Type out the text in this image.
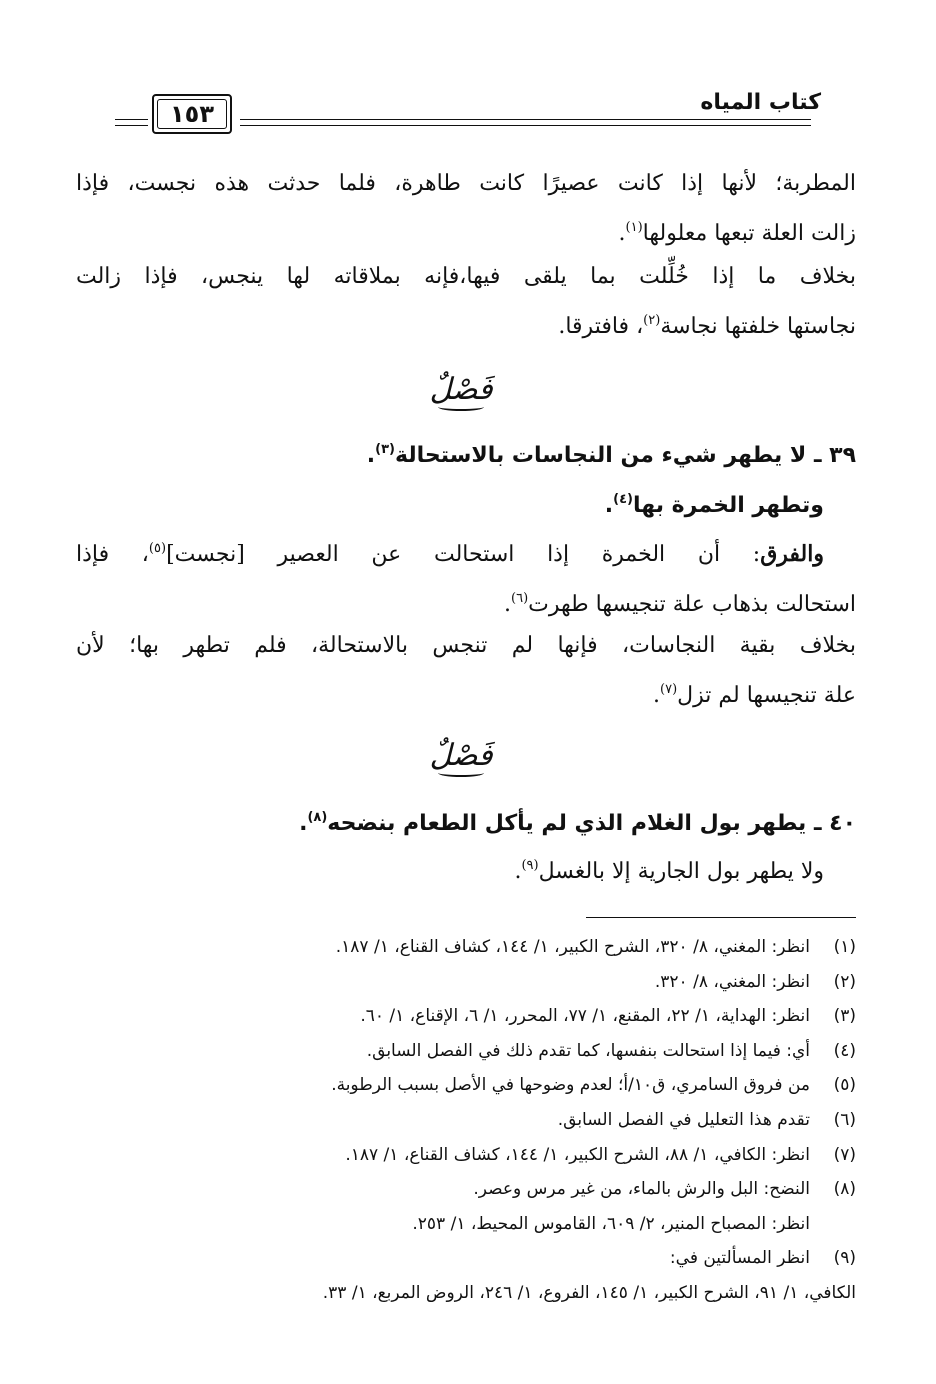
كتاب المياه
١٥٣

المطربة؛ لأنها إذا كانت عصيرًا كانت طاهرة، فلما حدثت هذه نجست، فإذا
زالت العلة تبعها معلولها$^{(١)}$.

بخلاف ما إذا خُلِّلت بما يلقى فيها،فإنه بملاقاته لها ينجس، فإذا زالت
نجاستها خلفتها نجاسة$^{(٢)}$، فافترقا.

فَصْلٌ
٣٩ ـ لا يطهر شيء من النجاسات بالاستحالة$^{(٣)}$.
وتطهر الخمرة بها$^{(٤)}$.

والفرق: أن الخمرة إذا استحالت عن العصير [نجست]$^{(٥)}$، فإذا
استحالت بذهاب علة تنجيسها طهرت$^{(٦)}$.

بخلاف بقية النجاسات، فإنها لم تنجس بالاستحالة، فلم تطهر بها؛ لأن
علة تنجيسها لم تزل$^{(٧)}$.

فَصْلٌ
٤٠ ـ يطهر بول الغلام الذي لم يأكل الطعام بنضحه$^{(٨)}$.
ولا يطهر بول الجارية إلا بالغسل$^{(٩)}$.
(١)
انظر: المغني، ٨/ ٣٢٠، الشرح الكبير، ١/ ١٤٤، كشاف القناع، ١/ ١٨٧.
(٢)
انظر: المغني، ٨/ ٣٢٠.
(٣)
انظر: الهداية، ١/ ٢٢، المقنع، ١/ ٧٧، المحرر، ١/ ٦، الإقناع، ١/ ٦٠.
(٤)
أي: فيما إذا استحالت بنفسها، كما تقدم ذلك في الفصل السابق.
(٥)
من فروق السامري، ق١٠/أ؛ لعدم وضوحها في الأصل بسبب الرطوبة.
(٦)
تقدم هذا التعليل في الفصل السابق.
(٧)
انظر: الكافي، ١/ ٨٨، الشرح الكبير، ١/ ١٤٤، كشاف القناع، ١/ ١٨٧.
(٨)
النضح: البل والرش بالماء، من غير مرس وعصر.
انظر: المصباح المنير، ٢/ ٦٠٩، القاموس المحيط، ١/ ٢٥٣.
(٩)
انظر المسألتين في:
الكافي، ١/ ٩١، الشرح الكبير، ١/ ١٤٥، الفروع، ١/ ٢٤٦، الروض المربع، ١/ ٣٣.
